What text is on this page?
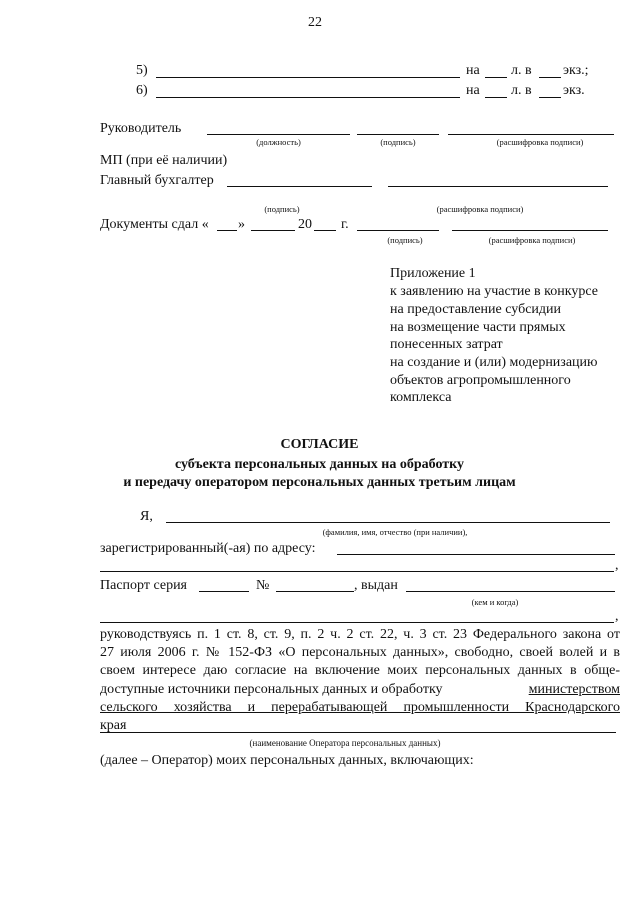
22
5)	на л. в экз.;
6)	на л. в экз.
Руководитель
(должность)	(подпись)	(расшифровка подписи)
МП (при её наличии)
Главный бухгалтер
(подпись)	(расшифровка подписи)
Документы сдал « »	20 г.
(подпись)	(расшифровка подписи)
Приложение 1
к заявлению на участие в конкурсе
на предоставление субсидии
на возмещение части прямых
понесенных затрат
на создание и (или) модернизацию
объектов агропромышленного
комплекса
СОГЛАСИЕ
субъекта персональных данных на обработку
и передачу оператором персональных данных третьим лицам
Я,
(фамилия, имя, отчество (при наличии),
зарегистрированный(-ая) по адресу:
,
Паспорт серия	№	, выдан
(кем и когда)
,
руководствуясь п. 1 ст. 8, ст. 9, п. 2 ч. 2 ст. 22, ч. 3 ст. 23 Федерального закона от
27 июля 2006 г. № 152-ФЗ «О персональных данных», свободно, своей волей и в
своем интересе даю согласие на включение моих персональных данных в обще-
доступные источники персональных данных и обработку	министерством
сельского хозяйства и перерабатывающей промышленности Краснодарского
края
(наименование Оператора персональных данных)
(далее – Оператор) моих персональных данных, включающих:
